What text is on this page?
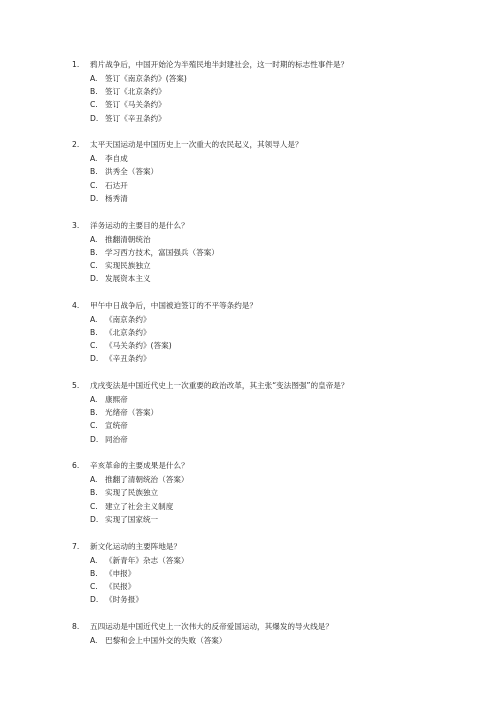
1.	鸦片战争后，中国开始沦为半殖民地半封建社会，这一时期的标志性事件是？
A. 签订《南京条约》(答案)
B. 签订《北京条约》
C. 签订《马关条约》
D. 签订《辛丑条约》
2.	太平天国运动是中国历史上一次重大的农民起义，其领导人是？
A. 李自成
B. 洪秀全（答案）
C. 石达开
D. 杨秀清
3.	洋务运动的主要目的是什么？
A. 推翻清朝统治
B. 学习西方技术，富国强兵（答案）
C. 实现民族独立
D. 发展资本主义
4.	甲午中日战争后，中国被迫签订的不平等条约是？
A. 《南京条约》
B. 《北京条约》
C. 《马关条约》(答案)
D. 《辛丑条约》
5.	戊戌变法是中国近代史上一次重要的政治改革，其主张“变法图强”的皇帝是？
A. 康熙帝
B. 光绪帝（答案）
C. 宣统帝
D. 同治帝
6.	辛亥革命的主要成果是什么？
A. 推翻了清朝统治（答案）
B. 实现了民族独立
C. 建立了社会主义制度
D. 实现了国家统一
7.	新文化运动的主要阵地是？
A. 《新青年》杂志（答案）
B. 《申报》
C. 《民报》
D. 《时务报》
8.	五四运动是中国近代史上一次伟大的反帝爱国运动，其爆发的导火线是？
A. 巴黎和会上中国外交的失败（答案）
